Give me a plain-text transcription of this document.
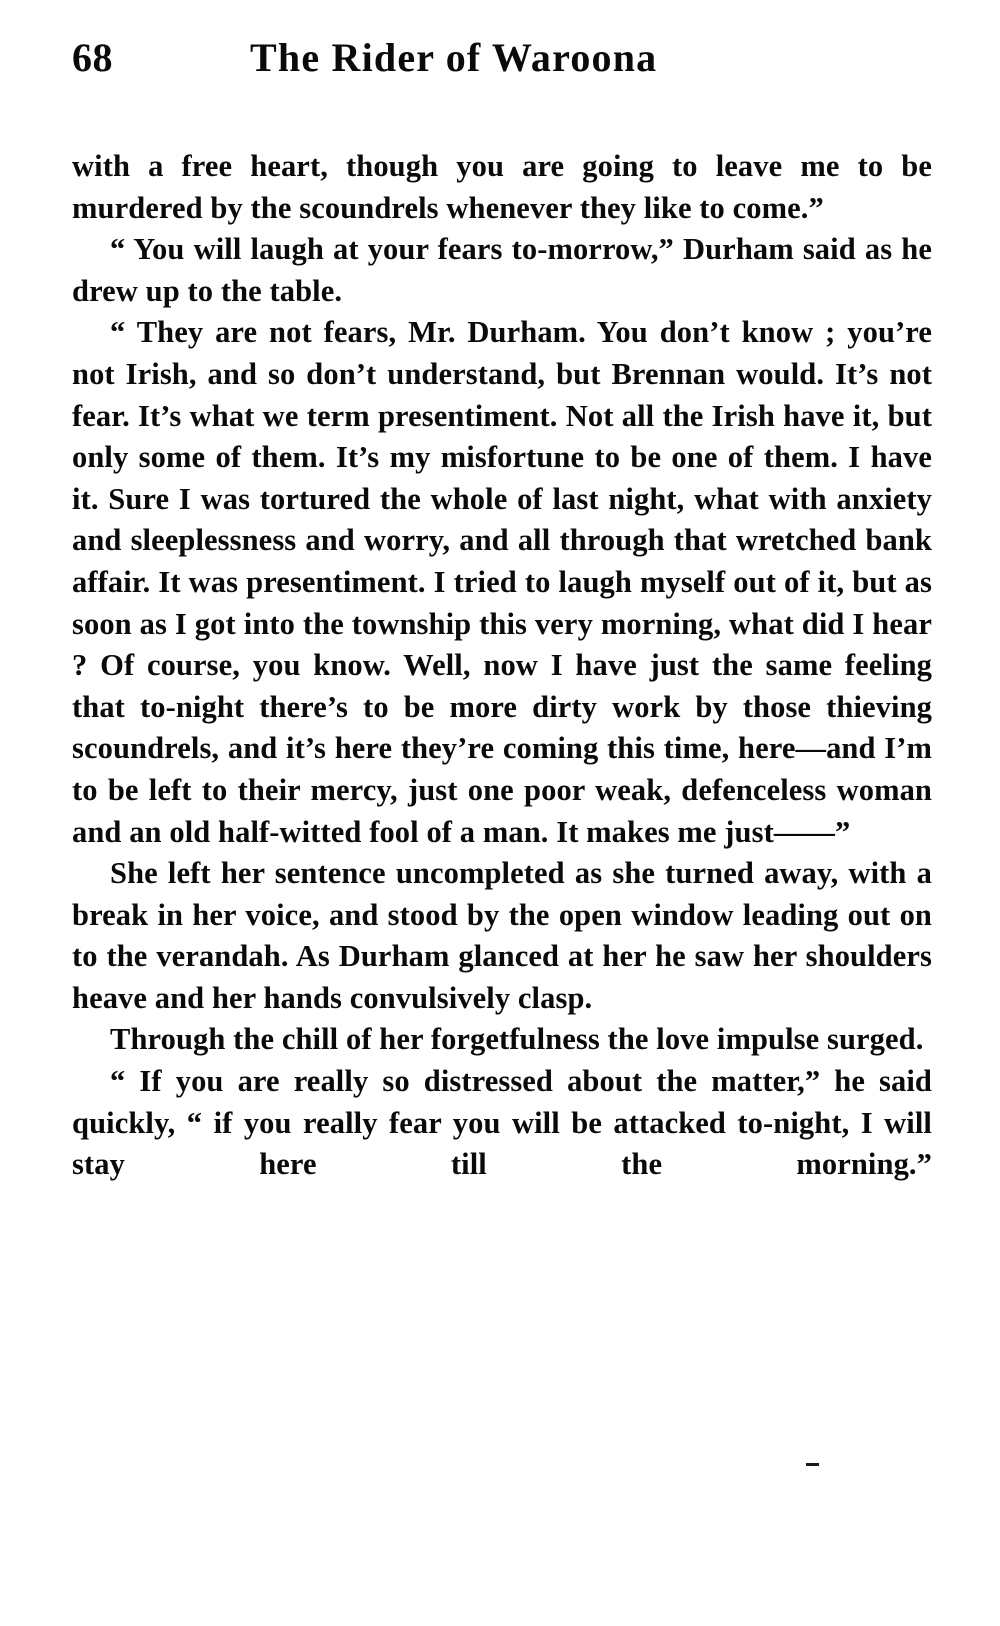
68	The Rider of Waroona

with a free heart, though you are going to leave me to be murdered by the scoundrels whenever they like to come.”

“ You will laugh at your fears to-morrow,” Durham said as he drew up to the table.

“ They are not fears, Mr. Durham. You don’t know ; you’re not Irish, and so don’t understand, but Brennan would. It’s not fear. It’s what we term presentiment. Not all the Irish have it, but only some of them. It’s my misfortune to be one of them. I have it. Sure I was tortured the whole of last night, what with anxiety and sleeplessness and worry, and all through that wretched bank affair. It was presentiment. I tried to laugh myself out of it, but as soon as I got into the township this very morning, what did I hear ? Of course, you know. Well, now I have just the same feeling that to-night there’s to be more dirty work by those thieving scoundrels, and it’s here they’re coming this time, here—and I’m to be left to their mercy, just one poor weak, defenceless woman and an old half-witted fool of a man. It makes me just——”

She left her sentence uncompleted as she turned away, with a break in her voice, and stood by the open window leading out on to the verandah. As Durham glanced at her he saw her shoulders heave and her hands convulsively clasp.

Through the chill of her forgetfulness the love impulse surged.

“ If you are really so distressed about the matter,” he said quickly, “ if you really fear you will be attacked to-night, I will stay here till the morning.”
